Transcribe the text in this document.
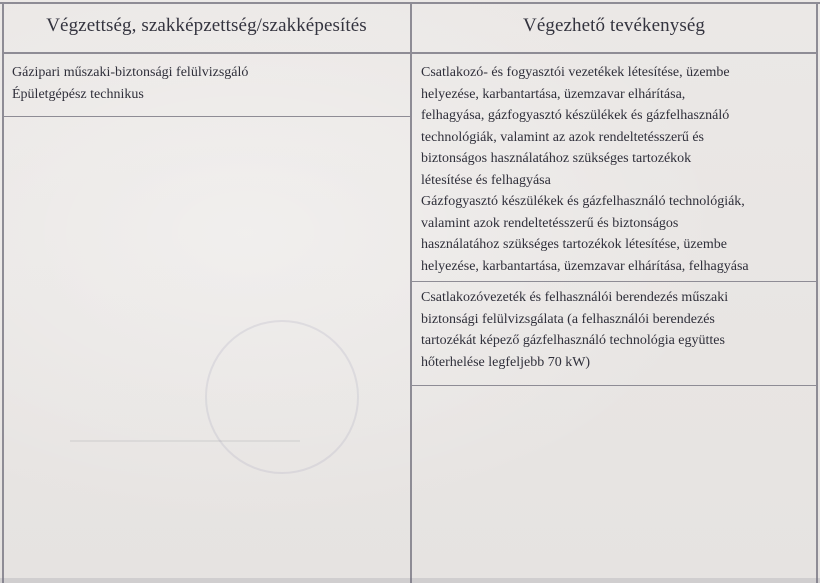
Végzettség, szakképzettség/szakképesítés	Végezhető tevékenység
Gázipari műszaki-biztonsági felülvizsgáló
Épületgépész technikus
Csatlakozó- és fogyasztói vezetékek létesítése, üzembe
helyezése, karbantartása, üzemzavar elhárítása,
felhagyása, gázfogyasztó készülékek és gázfelhasználó
technológiák, valamint az azok rendeltetésszerű és
biztonságos használatához szükséges tartozékok
létesítése és felhagyása
Gázfogyasztó készülékek és gázfelhasználó technológiák,
valamint azok rendeltetésszerű és biztonságos
használatához szükséges tartozékok létesítése, üzembe
helyezése, karbantartása, üzemzavar elhárítása, felhagyása
Csatlakozóvezeték és felhasználói berendezés műszaki
biztonsági felülvizsgálata (a felhasználói berendezés
tartozékát képező gázfelhasználó technológia együttes
hőterhelése legfeljebb 70 kW)
